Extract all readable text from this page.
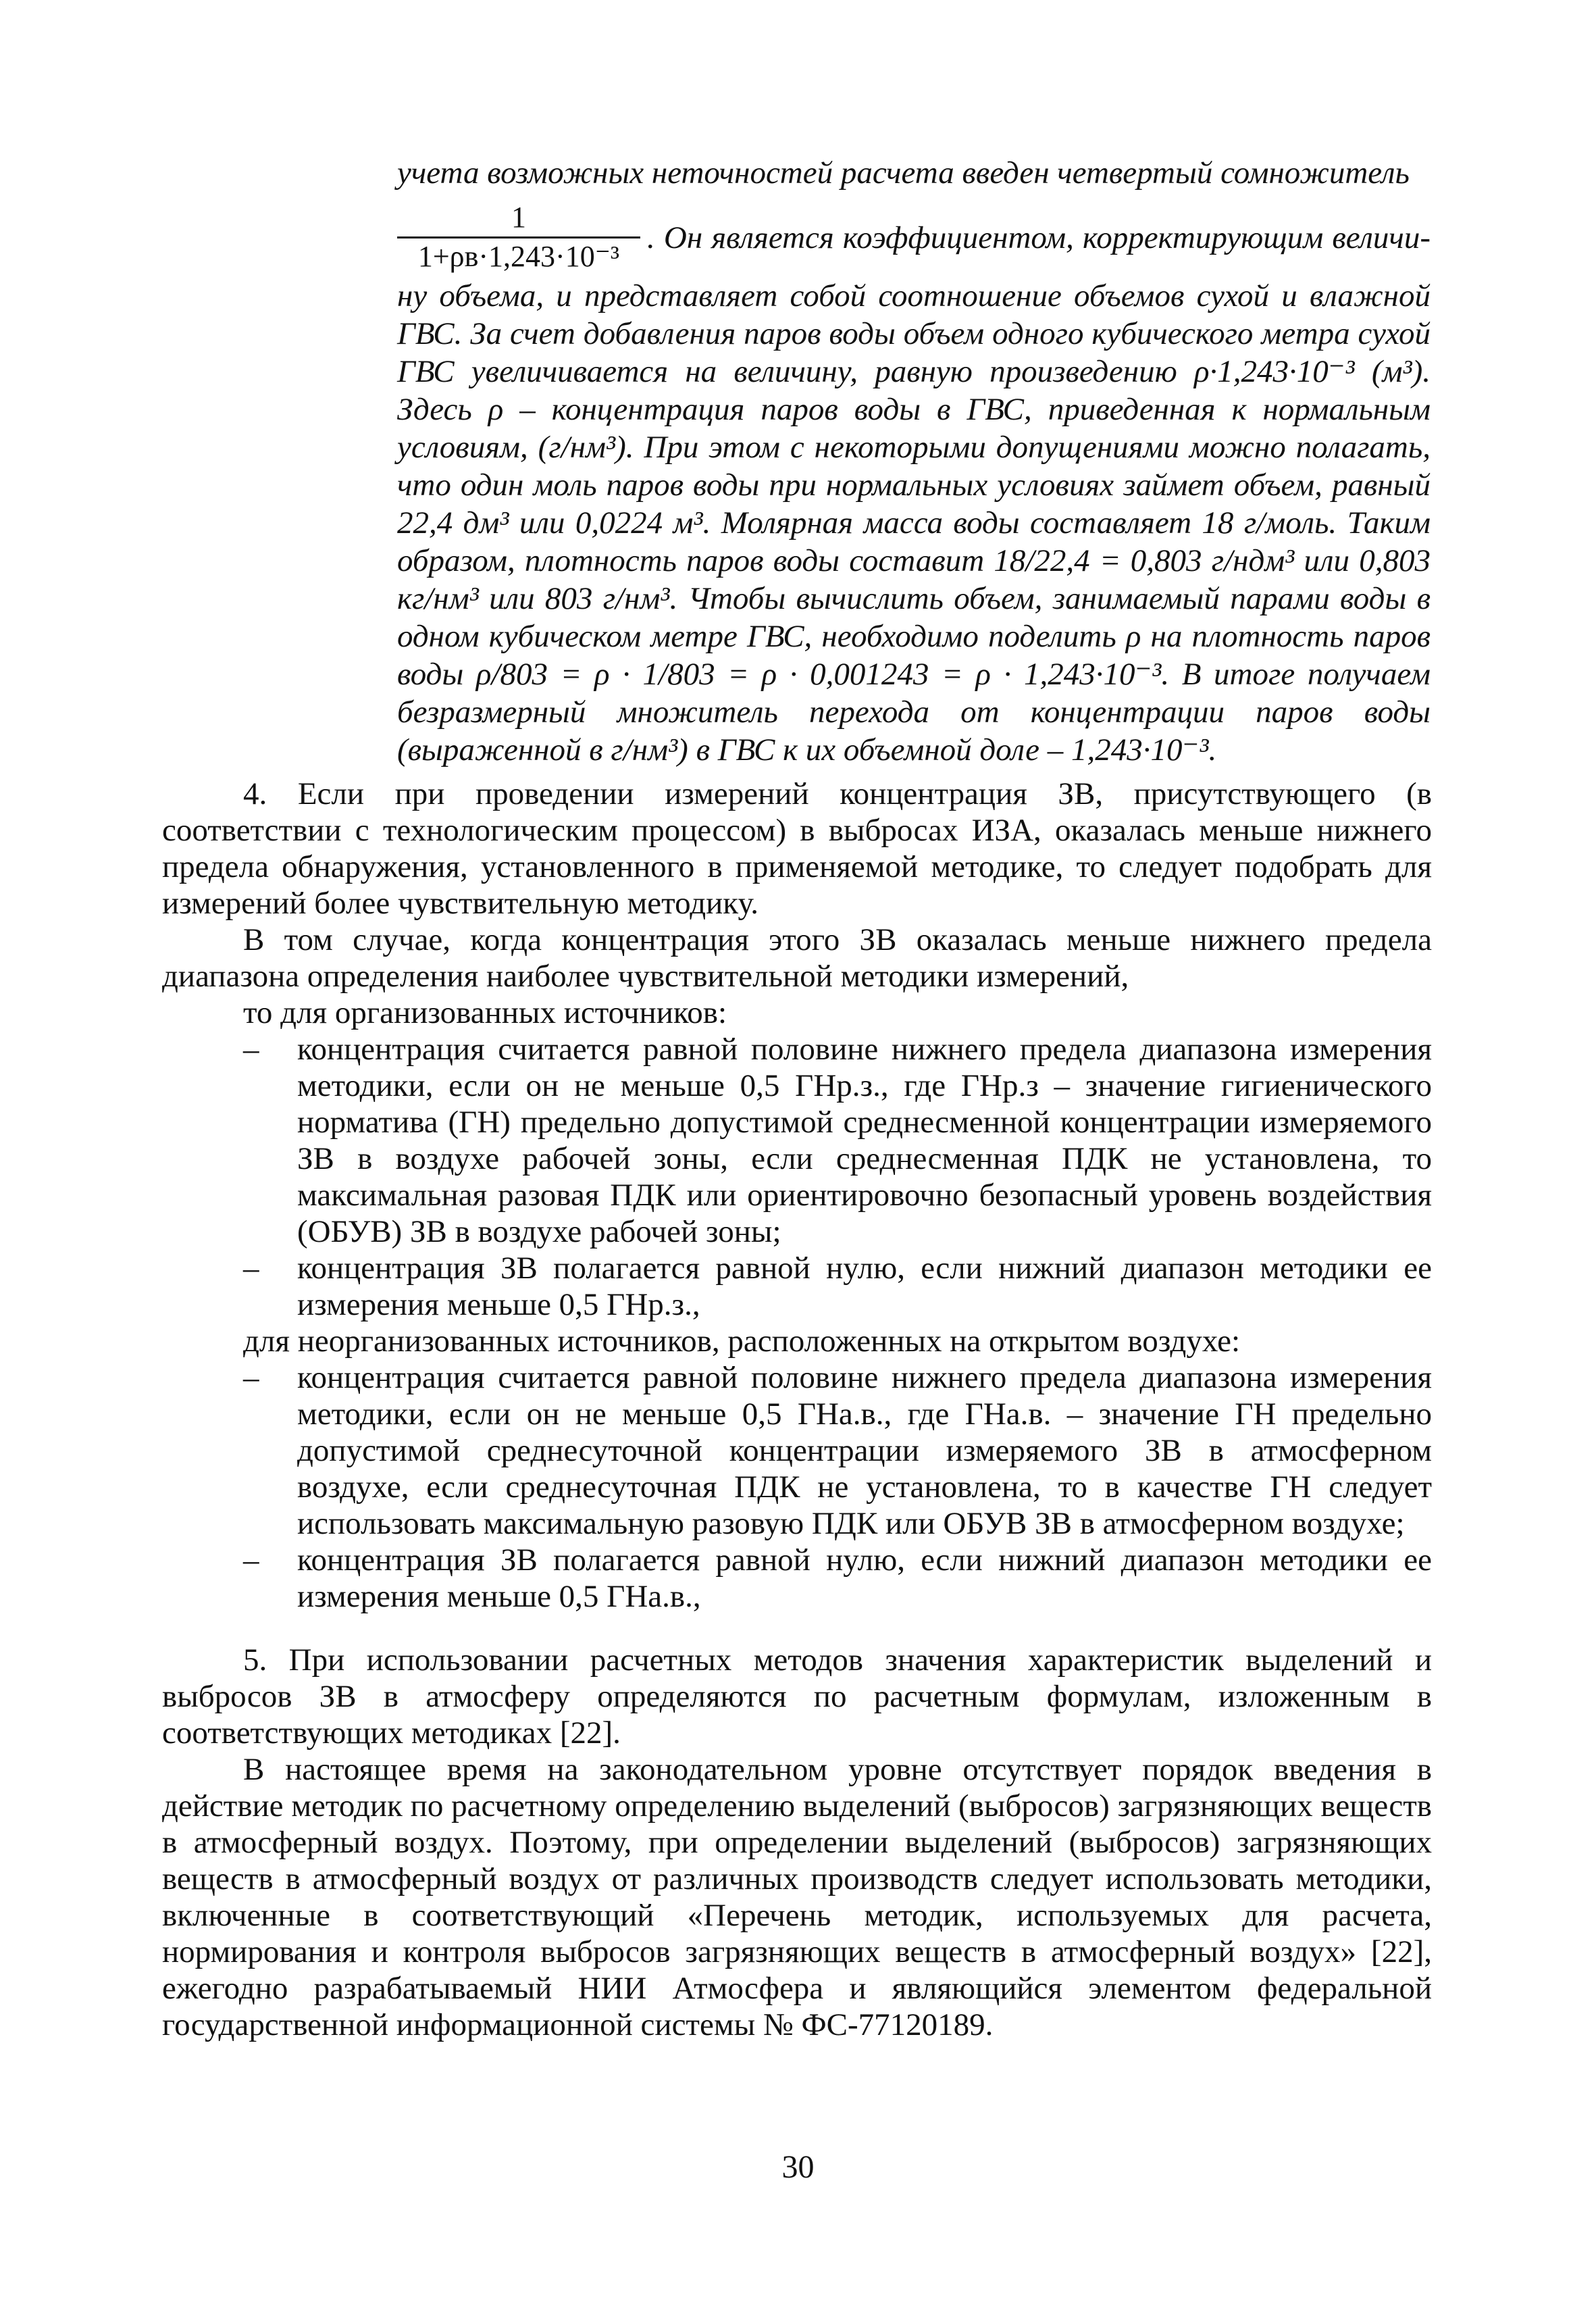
учета возможных неточностей расчета введен четвертый сомножитель

1
1+ρв·1,243·10⁻³
. Он является коэффициентом, корректирующим величи-

ну объема, и представляет собой соотношение объемов сухой и влажной ГВС. За счет добавления паров воды объем одного кубического метра сухой ГВС увеличивается на величину, равную произведению ρ·1,243·10⁻³ (м³). Здесь ρ – концентрация паров воды в ГВС, приведенная к нормальным условиям, (г/нм³). При этом с некоторыми допущениями можно полагать, что один моль паров воды при нормальных условиях займет объем, равный 22,4 дм³ или 0,0224 м³. Молярная масса воды составляет 18 г/моль. Таким образом, плотность паров воды составит 18/22,4 = 0,803 г/ндм³ или 0,803 кг/нм³ или 803 г/нм³. Чтобы вычислить объем, занимаемый парами воды в одном кубическом метре ГВС, необходимо поделить ρ на плотность паров воды ρ/803 = ρ · 1/803 = ρ · 0,001243 = ρ · 1,243·10⁻³. В итоге получаем безразмерный множитель перехода от концентрации паров воды (выраженной в г/нм³) в ГВС к их объемной доле – 1,243·10⁻³.

4. Если при проведении измерений концентрация ЗВ, присутствующего (в соответствии с технологическим процессом) в выбросах ИЗА, оказалась меньше нижнего предела обнаружения, установленного в применяемой методике, то следует подобрать для измерений более чувствительную методику.

В том случае, когда концентрация этого ЗВ оказалась меньше нижнего предела диапазона определения наиболее чувствительной методики измерений,

то для организованных источников:

– концентрация считается равной половине нижнего предела диапазона измерения методики, если он не меньше 0,5 ГНр.з., где ГНр.з – значение гигиенического норматива (ГН) предельно допустимой среднесменной концентрации измеряемого ЗВ в воздухе рабочей зоны, если среднесменная ПДК не установлена, то максимальная разовая ПДК или ориентировочно безопасный уровень воздействия (ОБУВ) ЗВ в воздухе рабочей зоны;

– концентрация ЗВ полагается равной нулю, если нижний диапазон методики ее измерения меньше 0,5 ГНр.з.,

для неорганизованных источников, расположенных на открытом воздухе:

– концентрация считается равной половине нижнего предела диапазона измерения методики, если он не меньше 0,5 ГНа.в., где ГНа.в. – значение ГН предельно допустимой среднесуточной концентрации измеряемого ЗВ в атмосферном воздухе, если среднесуточная ПДК не установлена, то в качестве ГН следует использовать максимальную разовую ПДК или ОБУВ ЗВ в атмосферном воздухе;

– концентрация ЗВ полагается равной нулю, если нижний диапазон методики ее измерения меньше 0,5 ГНа.в.,

5. При использовании расчетных методов значения характеристик выделений и выбросов ЗВ в атмосферу определяются по расчетным формулам, изложенным в соответствующих методиках [22].

В настоящее время на законодательном уровне отсутствует порядок введения в действие методик по расчетному определению выделений (выбросов) загрязняющих веществ в атмосферный воздух. Поэтому, при определении выделений (выбросов) загрязняющих веществ в атмосферный воздух от различных производств следует использовать методики, включенные в соответствующий «Перечень методик, используемых для расчета, нормирования и контроля выбросов загрязняющих веществ в атмосферный воздух» [22], ежегодно разрабатываемый НИИ Атмосфера и являющийся элементом федеральной государственной информационной системы № ФС-77120189.

30
